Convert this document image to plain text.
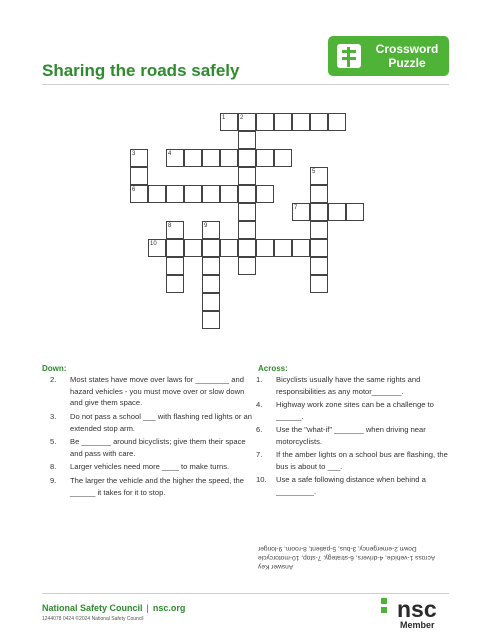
Crossword
Puzzle
Sharing the roads safely
1 2
3	4
5
6
7
8	9
10
Down:
2. Most states have move over laws for ________ and hazard vehicles - you must move over or slow down and give them space.
3. Do not pass a school ___ with flashing red lights or an extended stop arm.
5. Be _______ around bicyclists; give them their space and pass with care.
8. Larger vehicles need more ____ to make turns.
9. The larger the vehicle and the higher the speed, the ______ it takes for it to stop.
Across:
1. Bicyclists usually have the same rights and responsibilities as any motor_______.
4. Highway work zone sites can be a challenge to ______.
6. Use the "what-if" _______ when driving near motorcyclists.
7. If the amber lights on a school bus are flashing, the bus is about to ___.
10. Use a safe following distance when behind a _________.
Answer Key
Across 1-vehicle, 4-drivers, 6-strategy, 7-stop, 10-motorcycle
Down 2-emergency, 3-bus, 5-patient, 8-room, 9-longer
National Safety Council | nsc.org
1244078 0424 ©2024 National Safety Council	nsc
Member
